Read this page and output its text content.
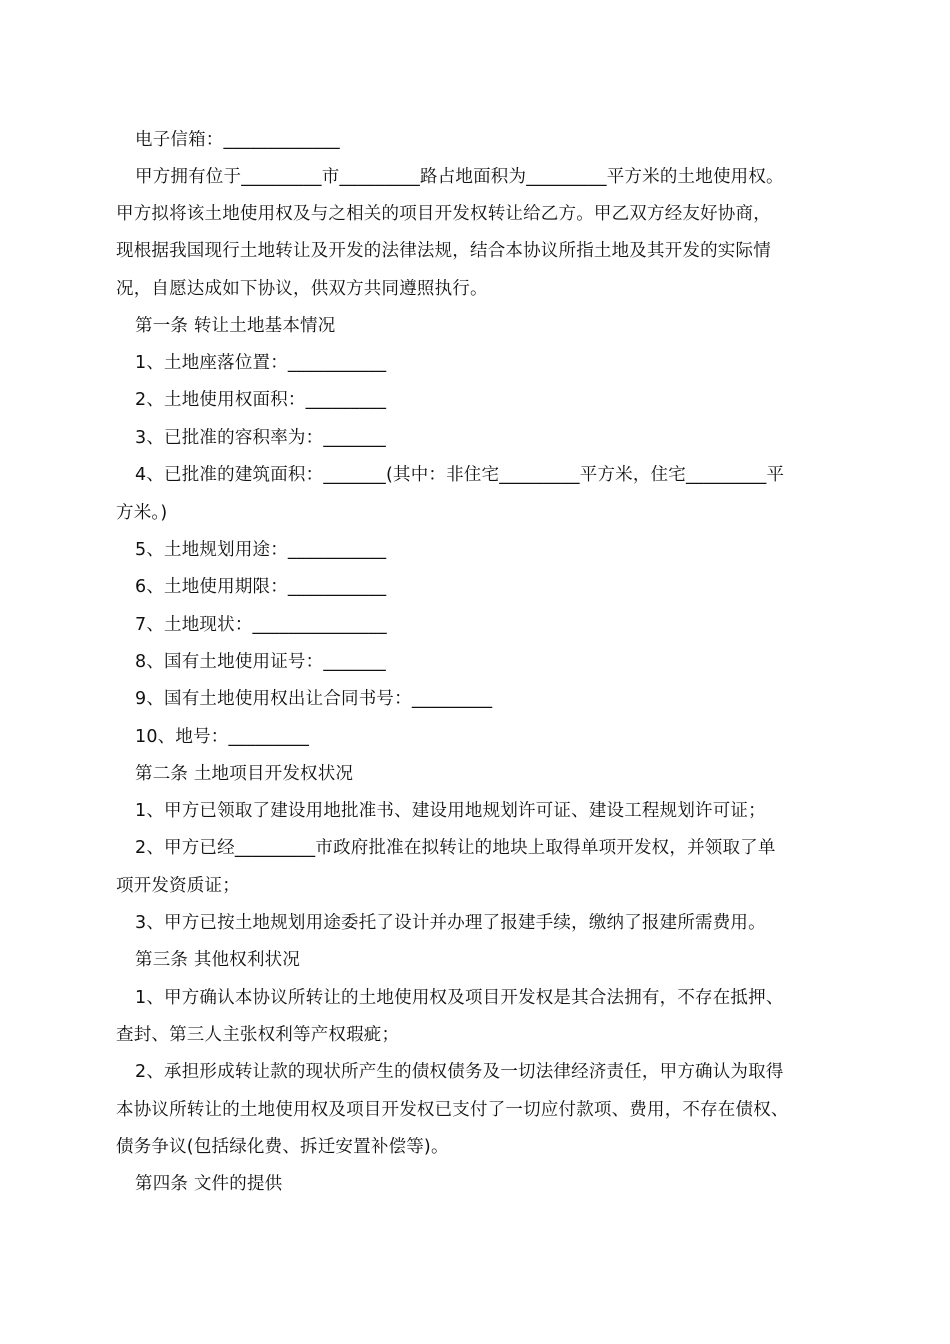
电子信箱：_____________
甲方拥有位于_________市_________路占地面积为_________平方米的土地使用权。
甲方拟将该土地使用权及与之相关的项目开发权转让给乙方。甲乙双方经友好协商，
现根据我国现行土地转让及开发的法律法规，结合本协议所指土地及其开发的实际情
况，自愿达成如下协议，供双方共同遵照执行。
第一条 转让土地基本情况
1、土地座落位置：___________
2、土地使用权面积：_________
3、已批准的容积率为：_______
4、已批准的建筑面积：_______(其中：非住宅_________平方米，住宅_________平
方米。)
5、土地规划用途：___________
6、土地使用期限：___________
7、土地现状：_______________
8、国有土地使用证号：_______
9、国有土地使用权出让合同书号：_________
10、地号：_________
第二条 土地项目开发权状况
1、甲方已领取了建设用地批准书、建设用地规划许可证、建设工程规划许可证；
2、甲方已经_________市政府批准在拟转让的地块上取得单项开发权，并领取了单
项开发资质证；
3、甲方已按土地规划用途委托了设计并办理了报建手续，缴纳了报建所需费用。
第三条 其他权利状况
1、甲方确认本协议所转让的土地使用权及项目开发权是其合法拥有，不存在抵押、
查封、第三人主张权利等产权瑕疵；
2、承担形成转让款的现状所产生的债权债务及一切法律经济责任，甲方确认为取得
本协议所转让的土地使用权及项目开发权已支付了一切应付款项、费用，不存在债权、
债务争议(包括绿化费、拆迁安置补偿等)。
第四条 文件的提供
